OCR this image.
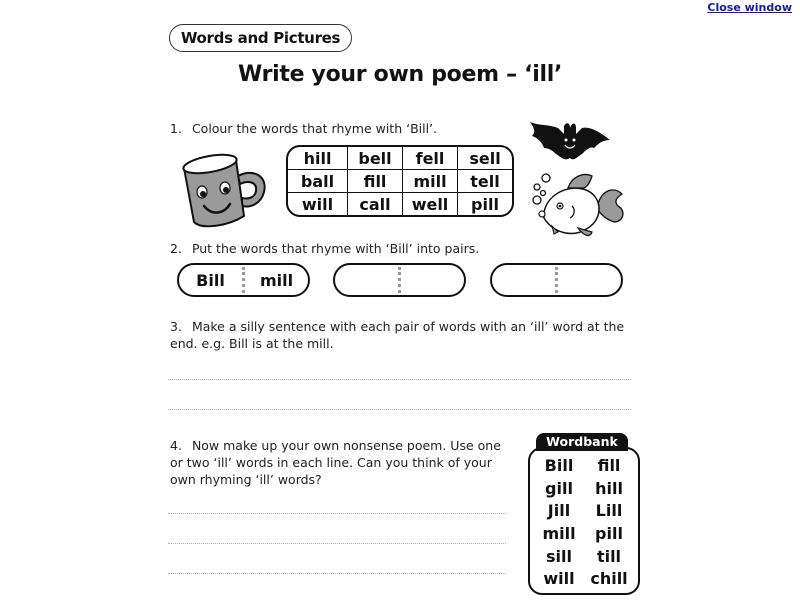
Close window
Words and Pictures
Write your own poem – ‘ill’
1. Colour the words that rhyme with ‘Bill’.
hill	bell	fell	sell
ball	fill	mill	tell
will	call	well	pill
2. Put the words that rhyme with ‘Bill’ into pairs.
Bill	mill
3. Make a silly sentence with each pair of words with an ‘ill’ word at the end. e.g. Bill is at the mill.
4. Now make up your own nonsense poem. Use one or two ‘ill’ words in each line. Can you think of your own rhyming ‘ill’ words?
Wordbank
Bill	fill
gill	hill
Jill	Lill
mill	pill
sill	till
will chill
